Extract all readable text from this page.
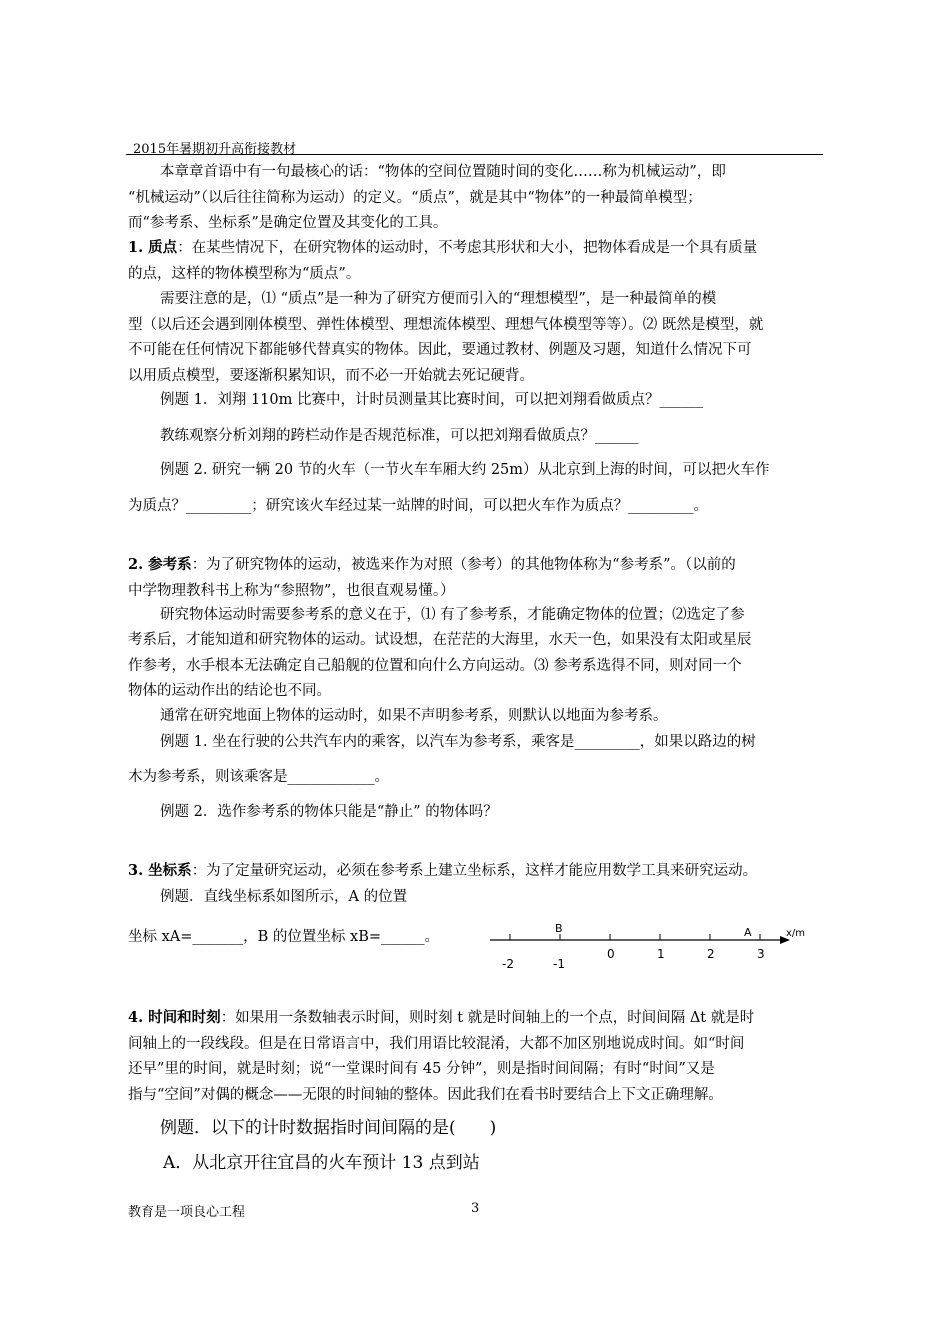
2015年暑期初升高衔接教材
本章章首语中有一句最核心的话：“物体的空间位置随时间的变化……称为机械运动”，即
“机械运动”（以后往往简称为运动）的定义。“质点”，就是其中“物体”的一种最简单模型；
而“参考系、坐标系”是确定位置及其变化的工具。
1. 质点：在某些情况下，在研究物体的运动时，不考虑其形状和大小，把物体看成是一个具有质量
的点，这样的物体模型称为“质点”。
需要注意的是，⑴ “质点”是一种为了研究方便而引入的“理想模型”，是一种最简单的模
型（以后还会遇到刚体模型、弹性体模型、理想流体模型、理想气体模型等等）。⑵ 既然是模型，就
不可能在任何情况下都能够代替真实的物体。因此，要通过教材、例题及习题，知道什么情况下可
以用质点模型，要逐渐积累知识，而不必一开始就去死记硬背。
例题 1．刘翔 110m 比赛中，计时员测量其比赛时间，可以把刘翔看做质点？______
教练观察分析刘翔的跨栏动作是否规范标准，可以把刘翔看做质点？______
例题 2. 研究一辆 20 节的火车（一节火车车厢大约 25m）从北京到上海的时间，可以把火车作
为质点？_________；研究该火车经过某一站牌的时间，可以把火车作为质点？_________。
2. 参考系：为了研究物体的运动，被选来作为对照（参考）的其他物体称为“参考系”。（以前的
中学物理教科书上称为“参照物”，也很直观易懂。）
研究物体运动时需要参考系的意义在于，⑴ 有了参考系，才能确定物体的位置；⑵选定了参
考系后，才能知道和研究物体的运动。试设想，在茫茫的大海里，水天一色，如果没有太阳或星辰
作参考，水手根本无法确定自己船舰的位置和向什么方向运动。⑶ 参考系选得不同，则对同一个
物体的运动作出的结论也不同。
通常在研究地面上物体的运动时，如果不声明参考系，则默认以地面为参考系。
例题 1. 坐在行驶的公共汽车内的乘客，以汽车为参考系，乘客是_________，如果以路边的树
木为参考系，则该乘客是____________。
例题 2．选作参考系的物体只能是“静止” 的物体吗？
3. 坐标系：为了定量研究运动，必须在参考系上建立坐标系，这样才能应用数学工具来研究运动。
例题．直线坐标系如图所示，A 的位置
坐标 xA=_______，B 的位置坐标 xB=______。
-2	-1
0	1	2	3
B	A	x/m
4. 时间和时刻：如果用一条数轴表示时间，则时刻 t 就是时间轴上的一个点，时间间隔 Δt 就是时
间轴上的一段线段。但是在日常语言中，我们用语比较混淆，大都不加区别地说成时间。如“时间
还早”里的时间，就是时刻；说“一堂课时间有 45 分钟”，则是指时间间隔；有时“时间”又是
指与“空间”对偶的概念——无限的时间轴的整体。因此我们在看书时要结合上下文正确理解。
例题．以下的计时数据指时间间隔的是(　　)
A．从北京开往宜昌的火车预计 13 点到站
教育是一项良心工程	3
